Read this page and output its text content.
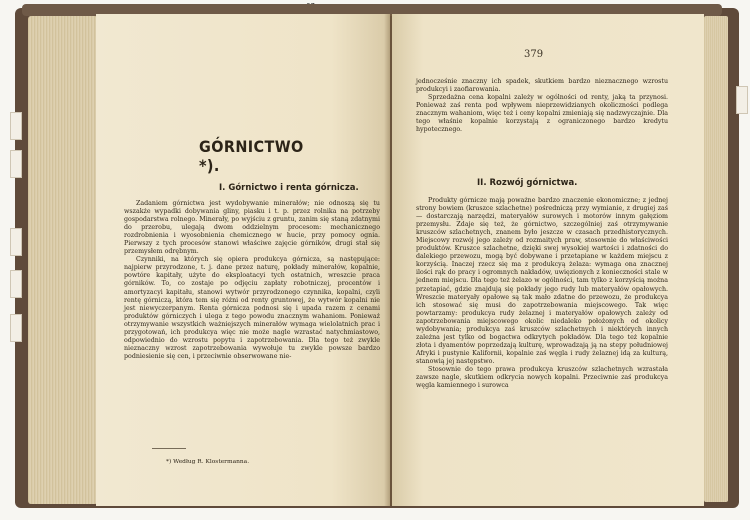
GÓRNICTWO *).
I. Górnictwo i renta górnicza.

Zadaniem górnictwa jest wydobywanie minerałów; nie odnoszą się tu wszakże wypadki dobywania gliny, piasku i t. p. przez rolnika na potrzeby gospodarstwa rolnego. Minerały, po wyjściu z gruntu, zanim się staną zdatnymi do przerobu, ulegają dwom oddzielnym procesom: mechanicznego rozdrobnienia i wyosobnienia chemicznego w hucie, przy pomocy ognia. Pierwszy z tych procesów stanowi właściwe zajęcie górników, drugi stał się przemysłem odrębnym.

Czynniki, na których się opiera produkcya górnicza, są następujące: najpierw przyrodzone, t. j. dane przez naturę, pokłady minerałów, kopalnie, powtóre kapitały, użyte do eksploatacyi tych ostatnich, wreszcie praca górników. To, co zostaje po odjęciu zapłaty robotniczej, procentów i amortyzacyi kapitału, stanowi wytwór przyrodzonego czynnika, kopalni, czyli rentę górniczą, która tem się różni od renty gruntowej, że wytwór kopalni nie jest niewyczerpanym. Renta górnicza podnosi się i upada razem z cenami produktów górniczych i ulega z tego powodu znacznym wahaniom. Ponieważ otrzymywanie wszystkich ważniejszych minerałów wymaga wielolatnich prac i przygotowań, ich produkcya więc nie może nagle wzrastać natychmiastowo, odpowiednio do wzrostu popytu i zapotrzebowania. Dla tego też zwykle nieznaczny wzrost zapotrzebowania wywołuje tu zwykle powsze bardzo podniesienie się cen, i przeciwnie obserwowane nie-

*) Według R. Klostermanna.
379

jednocześnie znaczny ich spadek, skutkiem bardzo nieznacznego wzrostu produkcyi i zaofiarowania.

Sprzedażna cena kopalni zależy w ogólności od renty, jaką ta przynosi. Ponieważ zaś renta pod wpływem nieprzewidzianych okoliczności podlega znacznym wahaniom, więc też i ceny kopalni zmieniają się nadzwyczajnie. Dla tego właśnie kopalnie korzystają z ograniczonego bardzo kredytu hypotecznego.

II. Rozwój górnictwa.

Produkty górnicze mają poważne bardzo znaczenie ekonomiczne; z jednej strony bowiem (kruszce szlachetne) pośredniczą przy wymianie, z drugiej zaś — dostarczają narzędzi, materyałów surowych i motorów innym gałęziom przemysłu. Zdaje się też, że górnictwo, szczególniej zaś otrzymywanie kruszców szlachetnych, znanem było jeszcze w czasach przedhistorycznych. Miejscowy rozwój jego zależy od rozmaitych praw, stosownie do właściwości produktów. Kruszce szlachetne, dzięki swej wysokiej wartości i zdatności do dalekiego przewozu, mogą być dobywane i przetapiane w każdem miejscu z korzyścią. Inaczej rzecz się ma z produkcyą żelaza: wymaga ona znacznej ilości rąk do pracy i ogromnych nakładów, uwięzionych z konieczności stale w jednem miejscu. Dla tego też żelazo w ogólności, tam tylko z korzyścią można przetapiać, gdzie znajdują się pokłady jego rudy lub materyałów opałowych. Wreszcie materyały opałowe są tak mało zdatne do przewozu, że produkcya ich stosować się musi do zapotrzebowania miejscowego. Tak więc powtarzamy: produkcya rudy żelaznej i materyałów opałowych zależy od zapotrzebowania miejscowego okolic niedaleko położonych od okolicy wydobywania; produkcya zaś kruszców szlachetnych i niektórych innych zależna jest tylko od bogactwa odkrytych pokładów. Dla tego też kopalnie złota i dyamentów poprzedzają kulturę, wprowadzają ją na stepy południowej Afryki i pustynie Kalifornii, kopalnie zaś węgla i rudy żelaznej idą za kulturą, stanowią jej następstwo.

Stosownie do tego prawa produkcya kruszców szlachetnych wzrastała zawsze nagle, skutkiem odkrycia nowych kopalni. Przeciwnie zaś produkcya węgla kamiennego i surowca
